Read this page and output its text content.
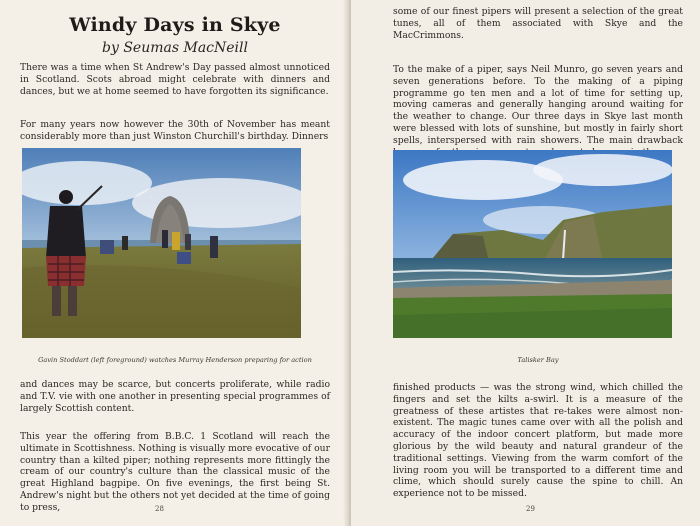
Windy Days in Skye
by Seumas MacNeill

There was a time when St Andrew's Day passed almost unnoticed in Scotland. Scots abroad might celebrate with dinners and dances, but we at home seemed to have forgotten its significance.

For many years now however the 30th of November has meant considerably more than just Winston Churchill's birthday. Dinners

Gavin Stoddart (left foreground) watches Murray Henderson preparing for action

and dances may be scarce, but concerts proliferate, while radio and T.V. vie with one another in presenting special programmes of largely Scottish content.

This year the offering from B.B.C. 1 Scotland will reach the ultimate in Scottishness. Nothing is visually more evocative of our country than a kilted piper; nothing represents more fittingly the cream of our country's culture than the classical music of the great Highland bagpipe. On five evenings, the first being St. Andrew's night but the others not yet decided at the time of going to press,	28

some of our finest pipers will present a selection of the great tunes, all of them associated with Skye and the MacCrimmons.

To the make of a piper, says Neil Munro, go seven years and seven generations before. To the making of a piping programme go ten men and a lot of time for setting up, moving cameras and generally hanging around waiting for the weather to change. Our three days in Skye last month were blessed with lots of sunshine, but mostly in fairly short spells, interspersed with rain showers. The main drawback

Talisker Bay

finished products — was the strong wind, which chilled the fingers and set the kilts a-swirl. It is a measure of the greatness of these artistes that re-takes were almost non-existent. The magic tunes came over with all the polish and accuracy of the indoor concert platform, but made more glorious by the wild beauty and natural grandeur of the traditional settings. Viewing from the warm comfort of the living room you will be transported to a different time and clime, which should surely cause the spine to chill. An experience not to be missed.

29
